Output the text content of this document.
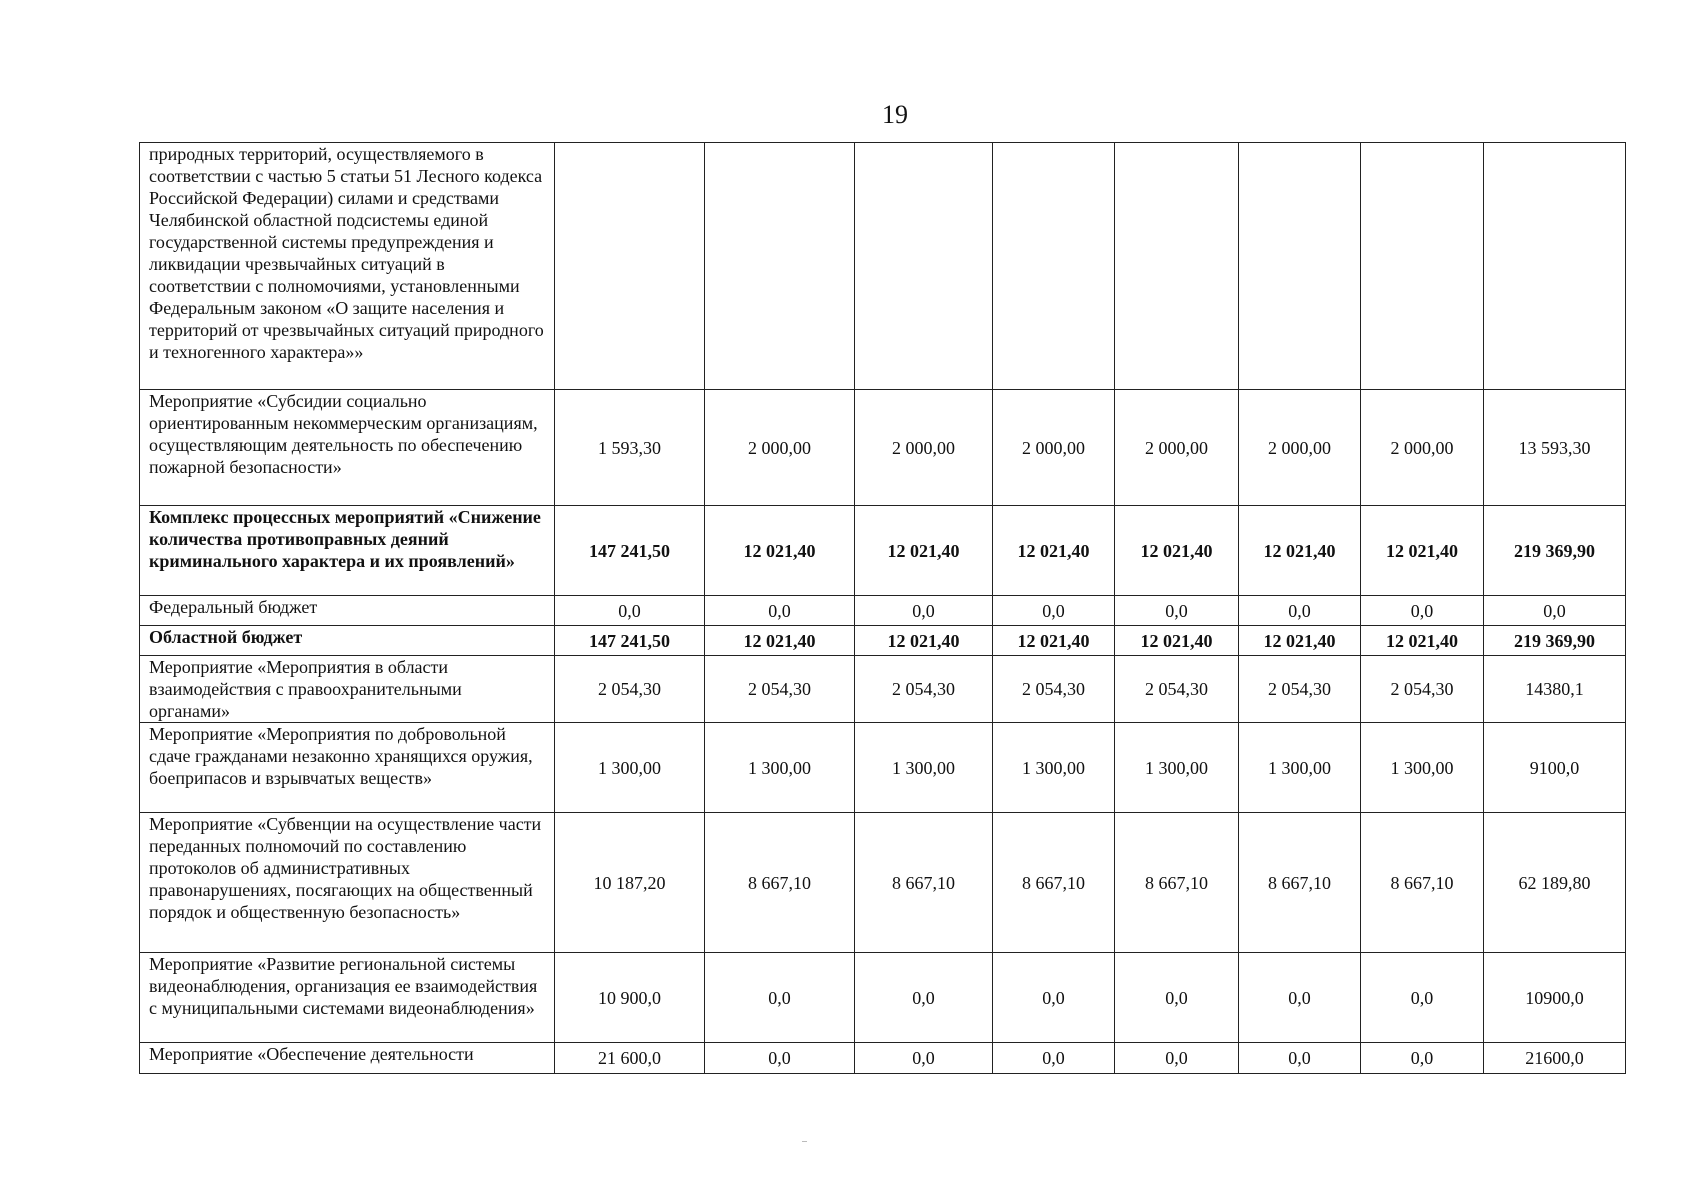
19
природных территорий, осуществляемого в соответствии с частью 5 статьи 51 Лесного кодекса Российской Федерации) силами и средствами Челябинской областной подсистемы единой государственной системы предупреждения и ликвидации чрезвычайных ситуаций в соответствии с полномочиями, установленными Федеральным законом «О защите населения и территорий от чрезвычайных ситуаций природного и техногенного характера»»								
Мероприятие «Субсидии социально ориентированным некоммерческим организациям, осуществляющим деятельность по обеспечению пожарной безопасности»	1 593,30	2 000,00	2 000,00	2 000,00	2 000,00	2 000,00	2 000,00	13 593,30
Комплекс процессных мероприятий «Снижение количества противоправных деяний криминального характера и их проявлений»	147 241,50	12 021,40	12 021,40	12 021,40	12 021,40	12 021,40	12 021,40	219 369,90
Федеральный бюджет	0,0	0,0	0,0	0,0	0,0	0,0	0,0	0,0
Областной бюджет	147 241,50	12 021,40	12 021,40	12 021,40	12 021,40	12 021,40	12 021,40	219 369,90
Мероприятие «Мероприятия в области взаимодействия с правоохранительными органами»	2 054,30	2 054,30	2 054,30	2 054,30	2 054,30	2 054,30	2 054,30	14380,1
Мероприятие «Мероприятия по добровольной сдаче гражданами незаконно хранящихся оружия, боеприпасов и взрывчатых веществ»	1 300,00	1 300,00	1 300,00	1 300,00	1 300,00	1 300,00	1 300,00	9100,0
Мероприятие «Субвенции на осуществление части переданных полномочий по составлению протоколов об административных правонарушениях, посягающих на общественный порядок и общественную безопасность»	10 187,20	8 667,10	8 667,10	8 667,10	8 667,10	8 667,10	8 667,10	62 189,80
Мероприятие «Развитие региональной системы видеонаблюдения, организация ее взаимодействия с муниципальными системами видеонаблюдения»	10 900,0	0,0	0,0	0,0	0,0	0,0	0,0	10900,0
Мероприятие «Обеспечение деятельности	21 600,0	0,0	0,0	0,0	0,0	0,0	0,0	21600,0
